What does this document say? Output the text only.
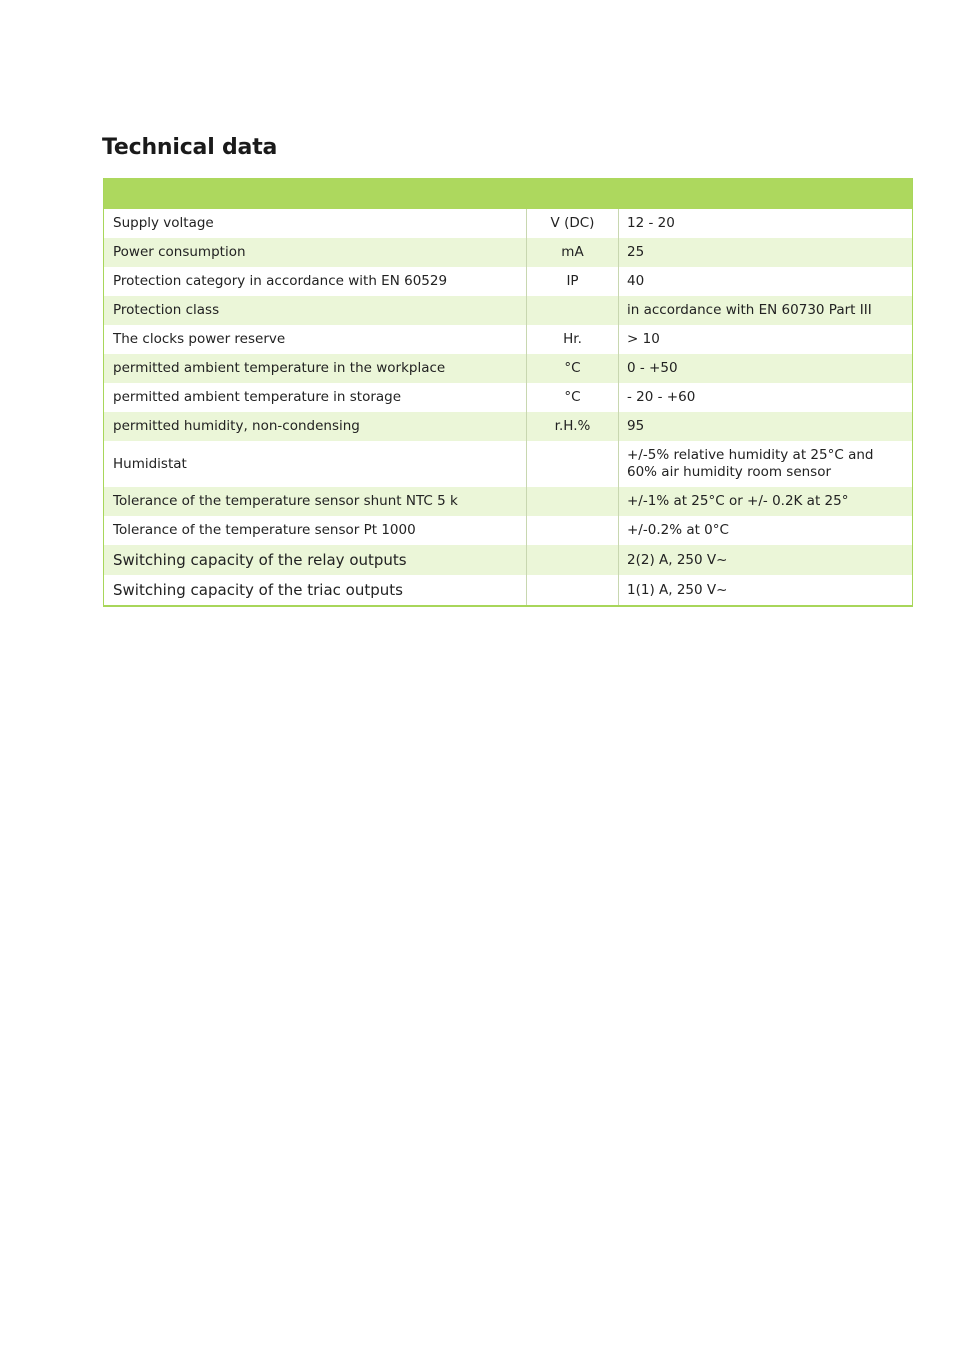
Technical data

Supply voltage	V (DC)	12 - 20
Power consumption	mA	25
Protection category in accordance with EN 60529	IP	40
Protection class		in accordance with EN 60730 Part III
The clocks power reserve	Hr.	> 10
permitted ambient temperature in the workplace	°C	0 - +50
permitted ambient temperature in storage	°C	- 20 - +60
permitted humidity, non-condensing	r.H.%	95
Humidistat		+/-5% relative humidity at 25°C and 60% air humidity room sensor
Tolerance of the temperature sensor shunt NTC 5 k		+/-1% at 25°C or +/- 0.2K at 25°
Tolerance of the temperature sensor Pt 1000		+/-0.2% at 0°C
Switching capacity of the relay outputs		2(2) A, 250 V~
Switching capacity of the triac outputs		1(1) A, 250 V~
